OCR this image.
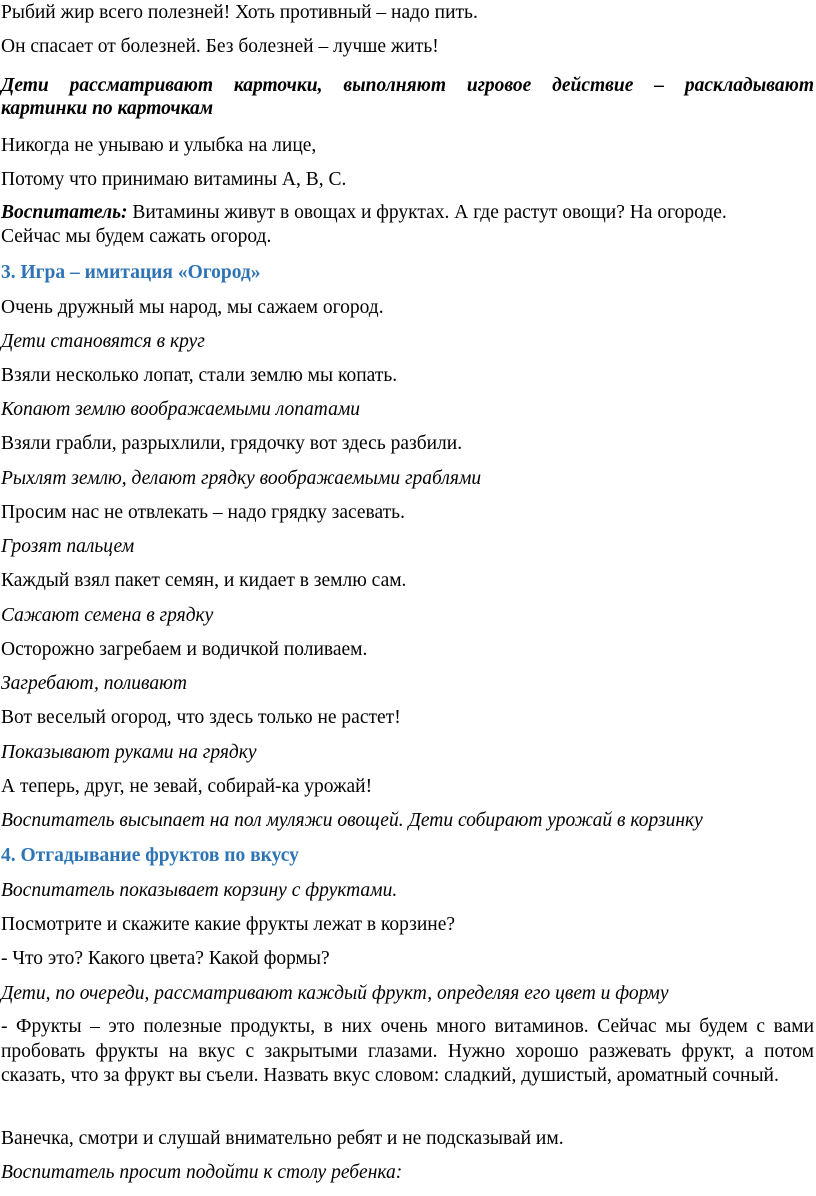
Рыбий жир всего полезней! Хоть противный – надо пить.
Он спасает от болезней. Без болезней – лучше жить!
Дети рассматривают карточки, выполняют игровое действие – раскладывают
картинки по карточкам
Никогда не унываю и улыбка на лице,
Потому что принимаю витамины А, В, С.
Воспитатель: Витамины живут в овощах и фруктах. А где растут овощи? На огороде.
Сейчас мы будем сажать огород.
3. Игра – имитация «Огород»
Очень дружный мы народ, мы сажаем огород.
Дети становятся в круг
Взяли несколько лопат, стали землю мы копать.
Копают землю воображаемыми лопатами
Взяли грабли, разрыхлили, грядочку вот здесь разбили.
Рыхлят землю, делают грядку воображаемыми граблями
Просим нас не отвлекать – надо грядку засевать.
Грозят пальцем
Каждый взял пакет семян, и кидает в землю сам.
Сажают семена в грядку
Осторожно загребаем и водичкой поливаем.
Загребают, поливают
Вот веселый огород, что здесь только не растет!
Показывают руками на грядку
А теперь, друг, не зевай, собирай-ка урожай!
Воспитатель высыпает на пол муляжи овощей. Дети собирают урожай в корзинку
4. Отгадывание фруктов по вкусу
Воспитатель показывает корзину с фруктами.
Посмотрите и скажите какие фрукты лежат в корзине?
- Что это? Какого цвета? Какой формы?
Дети, по очереди, рассматривают каждый фрукт, определяя его цвет и форму
- Фрукты – это полезные продукты, в них очень много витаминов. Сейчас мы будем с вами пробовать фрукты на вкус с закрытыми глазами. Нужно хорошо разжевать фрукт, а потом сказать, что за фрукт вы съели. Назвать вкус словом: сладкий, душистый, ароматный сочный.
Ванечка, смотри и слушай внимательно ребят и не подсказывай им.
Воспитатель просит подойти к столу ребенка:
